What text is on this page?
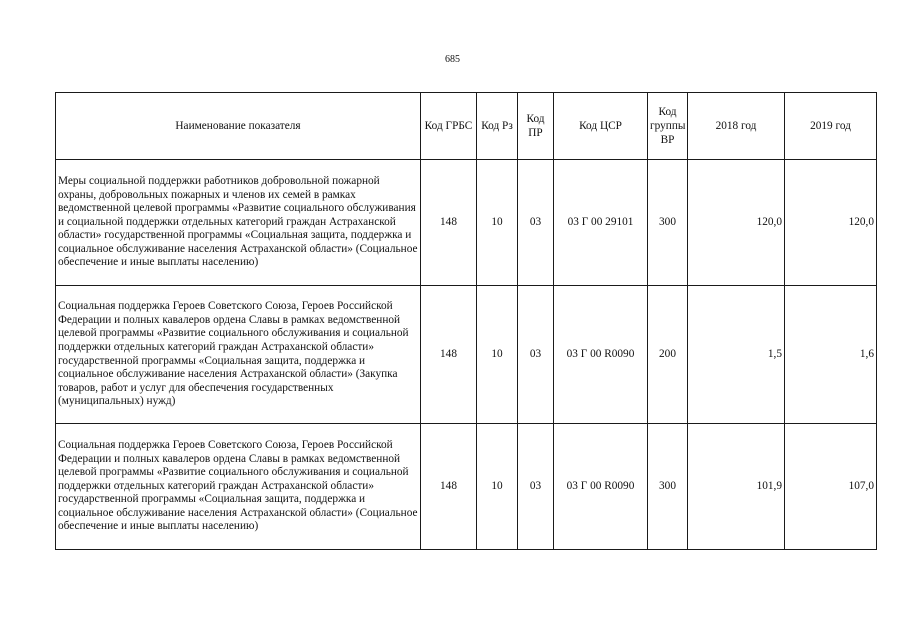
685
Наименование показателя	Код ГРБС	Код Рз	Код ПР	Код ЦСР	Код группы ВР	2018 год	2019 год
Меры социальной поддержки работников добровольной пожарной охраны, добровольных пожарных и членов их семей в рамках ведомственной целевой программы «Развитие социального обслуживания и социальной поддержки отдельных категорий граждан Астраханской области» государственной программы «Социальная защита, поддержка и социальное обслуживание населения Астраханской области» (Социальное обеспечение и иные выплаты населению)	148	10	03	03 Г 00 29101	300	120,0	120,0
Социальная поддержка Героев Советского Союза, Героев Российской Федерации и полных кавалеров ордена Славы в рамках ведомственной целевой программы «Развитие социального обслуживания и социальной поддержки отдельных категорий граждан Астраханской области» государственной программы «Социальная защита, поддержка и социальное обслуживание населения Астраханской области» (Закупка товаров, работ и услуг для обеспечения государственных (муниципальных) нужд)	148	10	03	03 Г 00 R0090	200	1,5	1,6
Социальная поддержка Героев Советского Союза, Героев Российской Федерации и полных кавалеров ордена Славы в рамках ведомственной целевой программы «Развитие социального обслуживания и социальной поддержки отдельных категорий граждан Астраханской области» государственной программы «Социальная защита, поддержка и социальное обслуживание населения Астраханской области» (Социальное обеспечение и иные выплаты населению)	148	10	03	03 Г 00 R0090	300	101,9	107,0
